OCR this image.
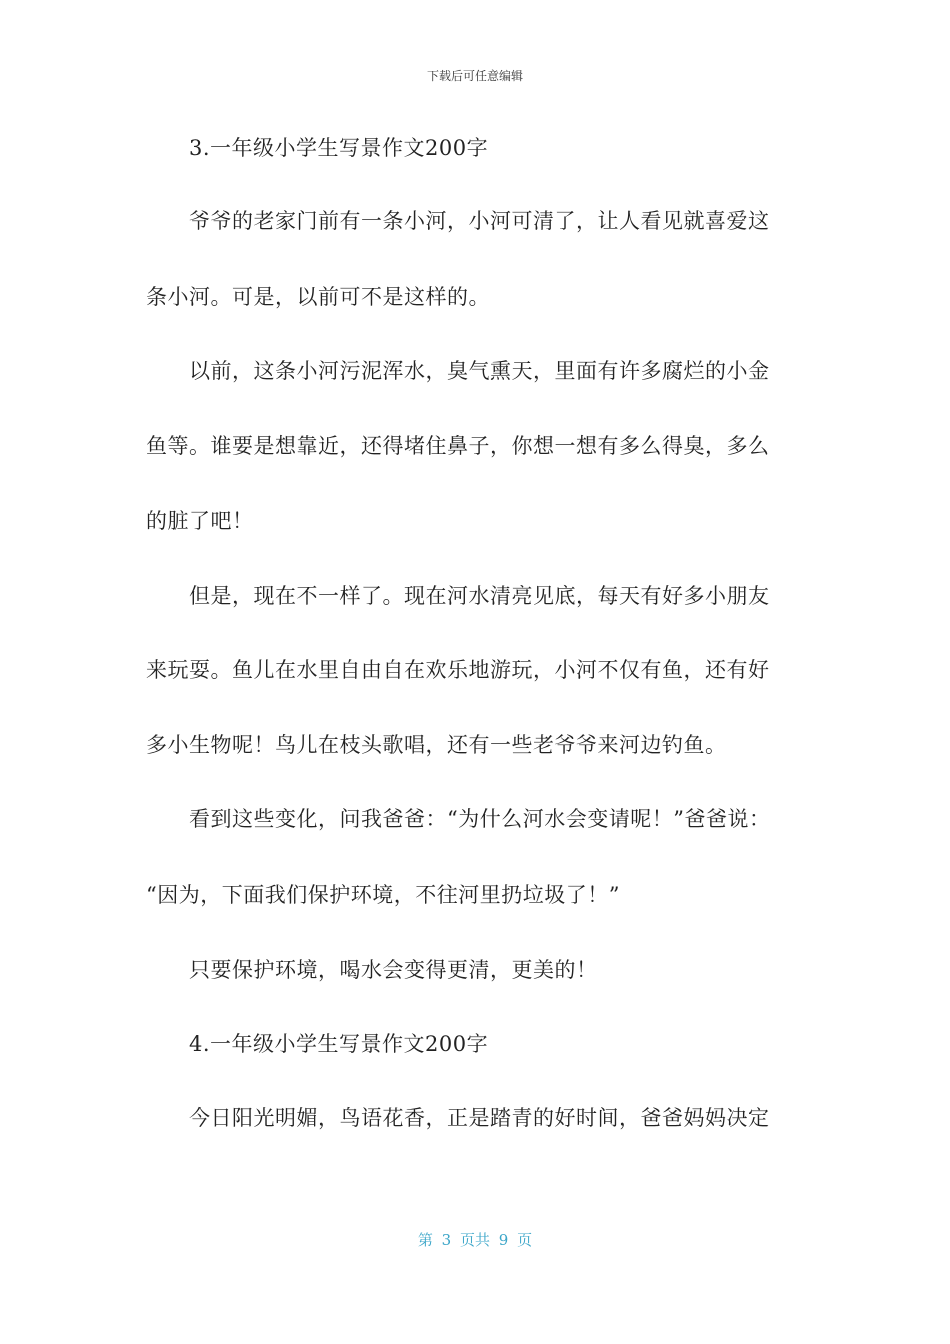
下载后可任意编辑
3.一年级小学生写景作文200字
爷爷的老家门前有一条小河，小河可清了，让人看见就喜爱这
条小河。可是，以前可不是这样的。
以前，这条小河污泥浑水，臭气熏天，里面有许多腐烂的小金
鱼等。谁要是想靠近，还得堵住鼻子，你想一想有多么得臭，多么
的脏了吧！
但是，现在不一样了。现在河水清亮见底，每天有好多小朋友
来玩耍。鱼儿在水里自由自在欢乐地游玩，小河不仅有鱼，还有好
多小生物呢！鸟儿在枝头歌唱，还有一些老爷爷来河边钓鱼。
看到这些变化，问我爸爸：“为什么河水会变请呢！”爸爸说：
“因为，下面我们保护环境，不往河里扔垃圾了！”
只要保护环境，喝水会变得更清，更美的！
4.一年级小学生写景作文200字
今日阳光明媚，鸟语花香，正是踏青的好时间，爸爸妈妈决定
第 3 页共 9 页
